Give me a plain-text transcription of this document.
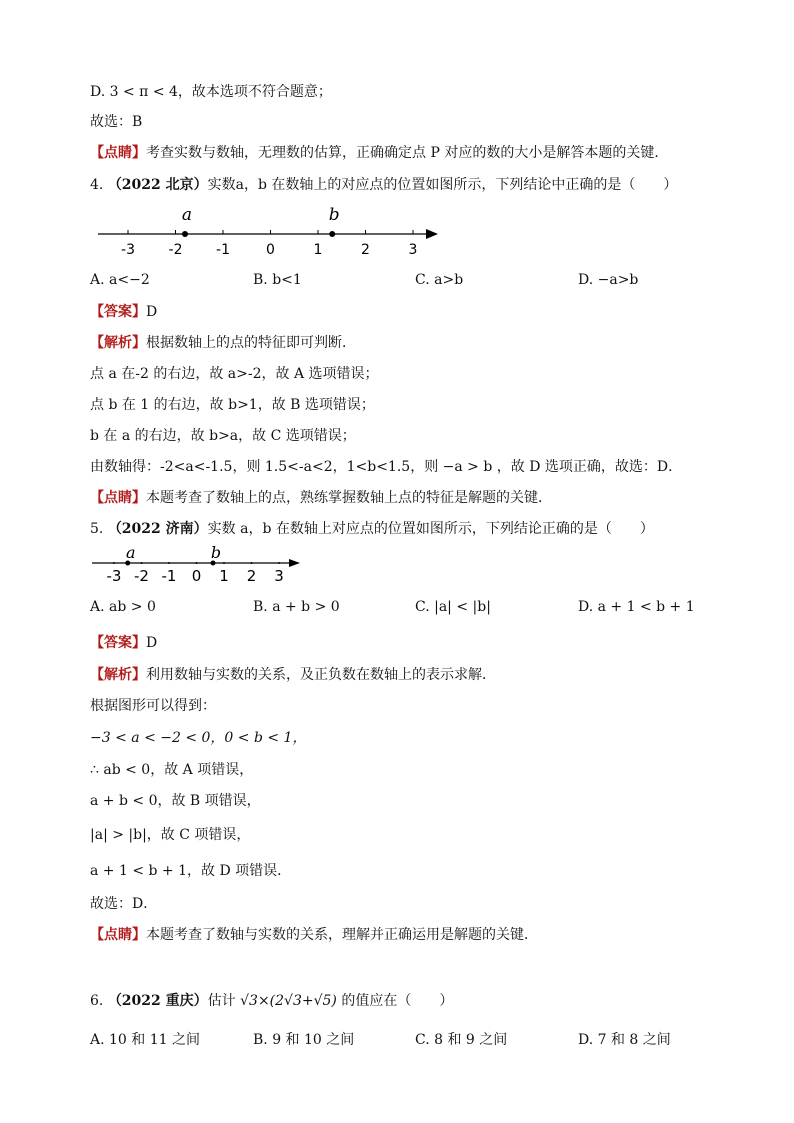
D. 3 < π < 4，故本选项不符合题意；
故选：B
【点睛】考查实数与数轴，无理数的估算，正确确定点 P 对应的数的大小是解答本题的关键．
4. （2022 北京）实数a，b 在数轴上的对应点的位置如图所示，下列结论中正确的是（　　）
-3 -2 -1	0	1	2	3
a	b
A. a<−2	B. b<1	C. a>b	D. −a>b
【答案】D
【解析】根据数轴上的点的特征即可判断．
点 a 在-2 的右边，故 a>-2，故 A 选项错误；
点 b 在 1 的右边，故 b>1，故 B 选项错误；
b 在 a 的右边，故 b>a，故 C 选项错误；
由数轴得：-2<a<-1.5，则 1.5<-a<2，1<b<1.5，则 −a > b ，故 D 选项正确，故选：D．
【点睛】本题考查了数轴上的点，熟练掌握数轴上点的特征是解题的关键．
5. （2022 济南）实数 a，b 在数轴上对应点的位置如图所示，下列结论正确的是（　　）
-3 -2 -1 0 1 2 3
a	b
A. ab > 0	B. a + b > 0	C. |a| < |b|	D. a + 1 < b + 1
【答案】D
【解析】利用数轴与实数的关系，及正负数在数轴上的表示求解．
根据图形可以得到：
−3 < a < −2 < 0，0 < b < 1，
∴ ab < 0，故 A 项错误，
a + b < 0，故 B 项错误，
|a| > |b|，故 C 项错误，
a + 1 < b + 1，故 D 项错误．
故选：D．
【点睛】本题考查了数轴与实数的关系，理解并正确运用是解题的关键．
6. （2022 重庆）估计 √3×(2√3+√5) 的值应在（　　）
A. 10 和 11 之间	B. 9 和 10 之间	C. 8 和 9 之间	D. 7 和 8 之间
